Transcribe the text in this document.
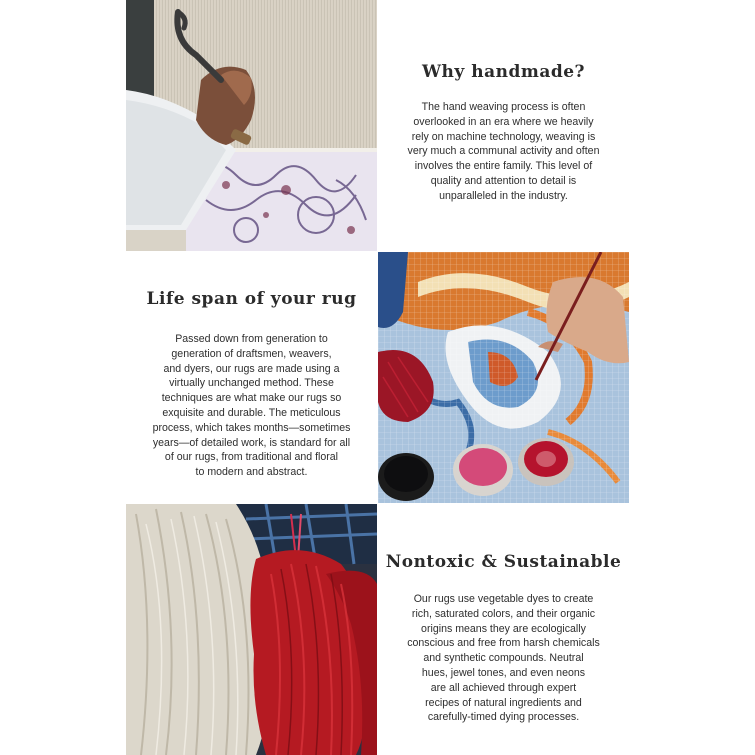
Why handmade?

The hand weaving process is often
overlooked in an era where we heavily
rely on machine technology, weaving is
very much a communal activity and often
involves the entire family. This level of
quality and attention to detail is
unparalleled in the industry.

Life span of your rug

Passed down from generation to
generation of draftsmen, weavers,
and dyers, our rugs are made using a
virtually unchanged method. These
techniques are what make our rugs so
exquisite and durable. The meticulous
process, which takes months—sometimes
years—of detailed work, is standard for all
of our rugs, from traditional and floral
to modern and abstract.

Nontoxic & Sustainable

Our rugs use vegetable dyes to create
rich, saturated colors, and their organic
origins means they are ecologically
conscious and free from harsh chemicals
and synthetic compounds. Neutral
hues, jewel tones, and even neons
are all achieved through expert
recipes of natural ingredients and
carefully-timed dying processes.
